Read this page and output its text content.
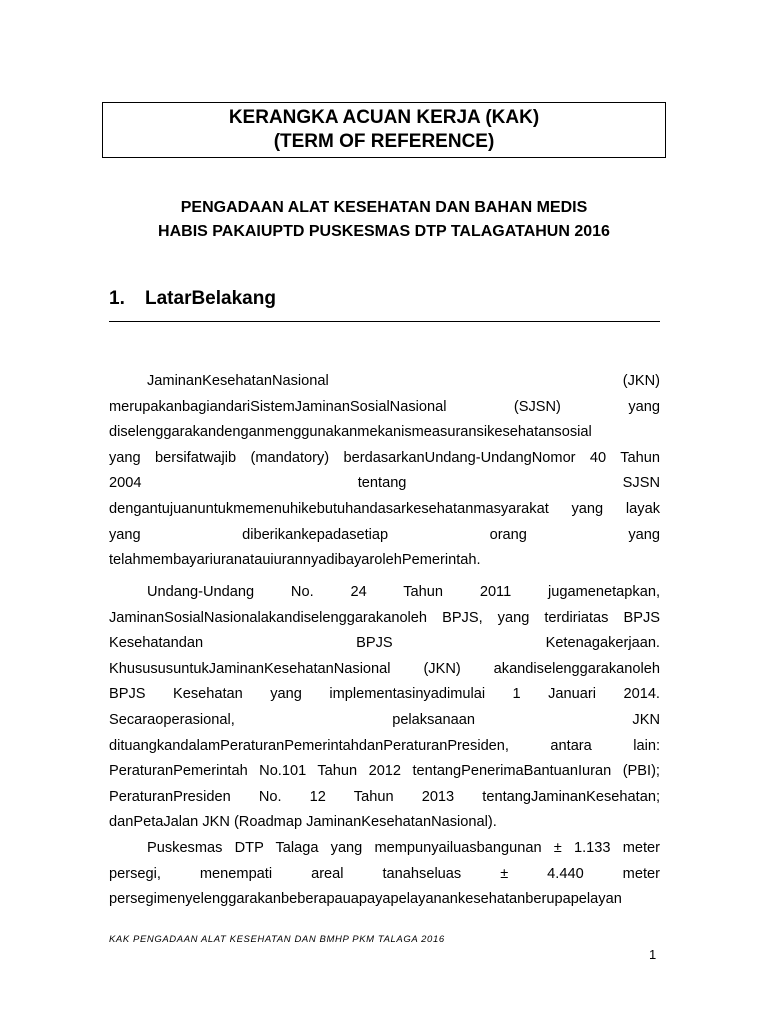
KERANGKA ACUAN KERJA (KAK)
(TERM OF REFERENCE)
PENGADAAN ALAT KESEHATAN DAN BAHAN MEDIS
HABIS PAKAIUPTD PUSKESMAS DTP TALAGATAHUN 2016
1. LatarBelakang
JaminanKesehatanNasional (JKN)
merupakanbagiandariSistemJaminanSosialNasional (SJSN) yang
diselenggarakandenganmenggunakanmekanismeasuransikesehatansosial
yang bersifatwajib (mandatory) berdasarkanUndang-UndangNomor 40 Tahun
2004 tentang SJSN
dengantujuanuntukmemenuhikebutuhandasarkesehatanmasyarakat yang layak
yang diberikankepadasetiap orang yang
telahmembayariuranatauiurannyadibayarolehPemerintah.
Undang-Undang No. 24 Tahun 2011 jugamenetapkan,
JaminanSosialNasionalakandiselenggarakanoleh BPJS, yang terdiriatas BPJS
Kesehatandan BPJS Ketenagakerjaan.
KhusususuntukJaminanKesehatanNasional (JKN) akandiselenggarakanoleh
BPJS Kesehatan yang implementasinyadimulai 1 Januari 2014.
Secaraoperasional, pelaksanaan JKN
dituangkandalamPeraturanPemerintahdanPeraturanPresiden, antara lain:
PeraturanPemerintah No.101 Tahun 2012 tentangPenerimaBantuanIuran (PBI);
PeraturanPresiden No. 12 Tahun 2013 tentangJaminanKesehatan;
danPetaJalan JKN (Roadmap JaminanKesehatanNasional).
Puskesmas DTP Talaga yang mempunyailuasbangunan ± 1.133 meter
persegi, menempati areal tanahseluas ± 4.440 meter
persegimenyelenggarakanbeberapauapayapelayanankesehatanberupapelayan
KAK PENGADAAN ALAT KESEHATAN DAN BMHP PKM TALAGA 2016
1
